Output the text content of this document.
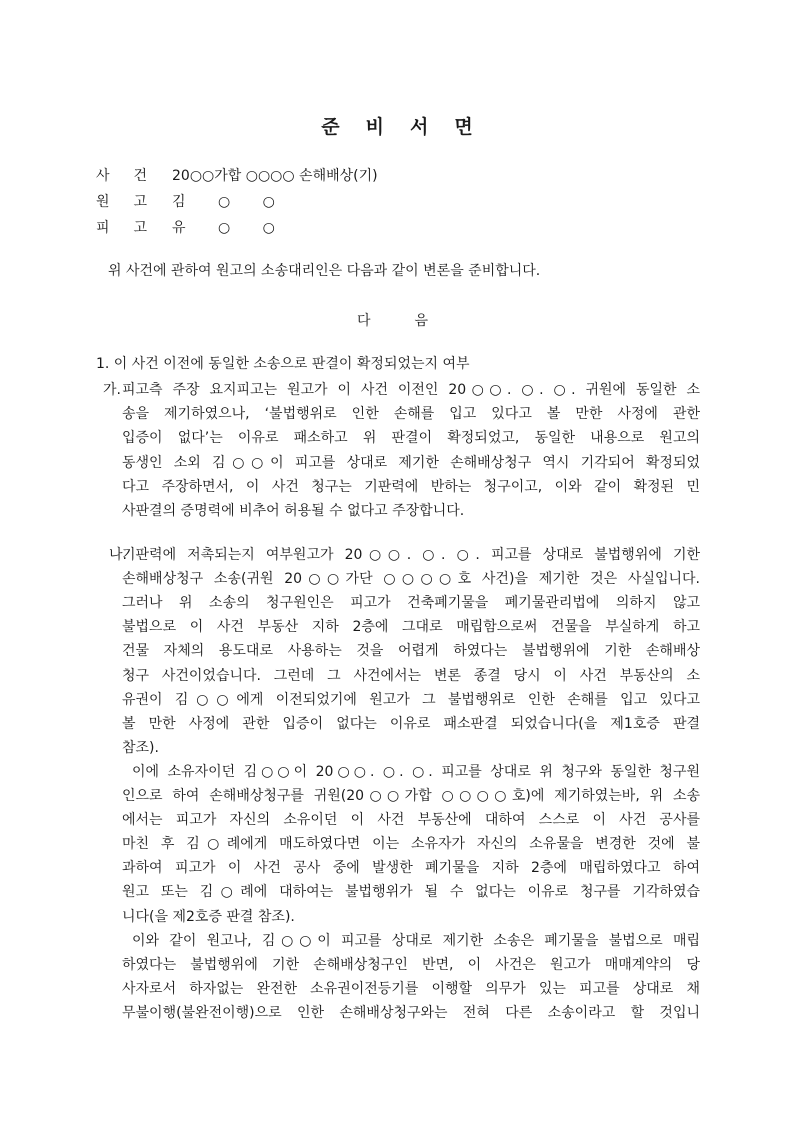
준비서면
사건20○○가합 ○○○○ 손해배상(기)
원고김 ○ ○
피고유 ○ ○
위 사건에 관하여 원고의 소송대리인은 다음과 같이 변론을 준비합니다.
다음
1. 이 사건 이전에 동일한 소송으로 판결이 확정되었는지 여부
가. 피고측 주장 요지피고는 원고가 이 사건 이전인 20○○. ○. ○. 귀원에 동일한 소
송을 제기하였으나, ‘불법행위로 인한 손해를 입고 있다고 볼 만한 사정에 관한
입증이 없다’는 이유로 패소하고 위 판결이 확정되었고, 동일한 내용으로 원고의
동생인 소외 김○○이 피고를 상대로 제기한 손해배상청구 역시 기각되어 확정되었
다고 주장하면서, 이 사건 청구는 기판력에 반하는 청구이고, 이와 같이 확정된 민
사판결의 증명력에 비추어 허용될 수 없다고 주장합니다.
나.
기판력에 저촉되는지 여부원고가 20○○. ○. ○. 피고를 상대로 불법행위에 기한
손해배상청구 소송(귀원 20○○가단 ○○○○호 사건)을 제기한 것은 사실입니다.
그러나 위 소송의 청구원인은 피고가 건축폐기물을 폐기물관리법에 의하지 않고
불법으로 이 사건 부동산 지하 2층에 그대로 매립함으로써 건물을 부실하게 하고
건물 자체의 용도대로 사용하는 것을 어렵게 하였다는 불법행위에 기한 손해배상
청구 사건이었습니다. 그런데 그 사건에서는 변론 종결 당시 이 사건 부동산의 소
유권이 김○○에게 이전되었기에 원고가 그 불법행위로 인한 손해를 입고 있다고
볼 만한 사정에 관한 입증이 없다는 이유로 패소판결 되었습니다(을 제1호증 판결
참조).
이에 소유자이던 김○○이 20○○. ○. ○. 피고를 상대로 위 청구와 동일한 청구원
인으로 하여 손해배상청구를 귀원(20○○가합 ○○○○호)에 제기하였는바, 위 소송
에서는 피고가 자신의 소유이던 이 사건 부동산에 대하여 스스로 이 사건 공사를
마친 후 김○례에게 매도하였다면 이는 소유자가 자신의 소유물을 변경한 것에 불
과하여 피고가 이 사건 공사 중에 발생한 폐기물을 지하 2층에 매립하였다고 하여
원고 또는 김○례에 대하여는 불법행위가 될 수 없다는 이유로 청구를 기각하였습
니다(을 제2호증 판결 참조).
이와 같이 원고나, 김○○이 피고를 상대로 제기한 소송은 폐기물을 불법으로 매립
하였다는 불법행위에 기한 손해배상청구인 반면, 이 사건은 원고가 매매계약의 당
사자로서 하자없는 완전한 소유권이전등기를 이행할 의무가 있는 피고를 상대로 채
무불이행(불완전이행)으로 인한 손해배상청구와는 전혀 다른 소송이라고 할 것입니
